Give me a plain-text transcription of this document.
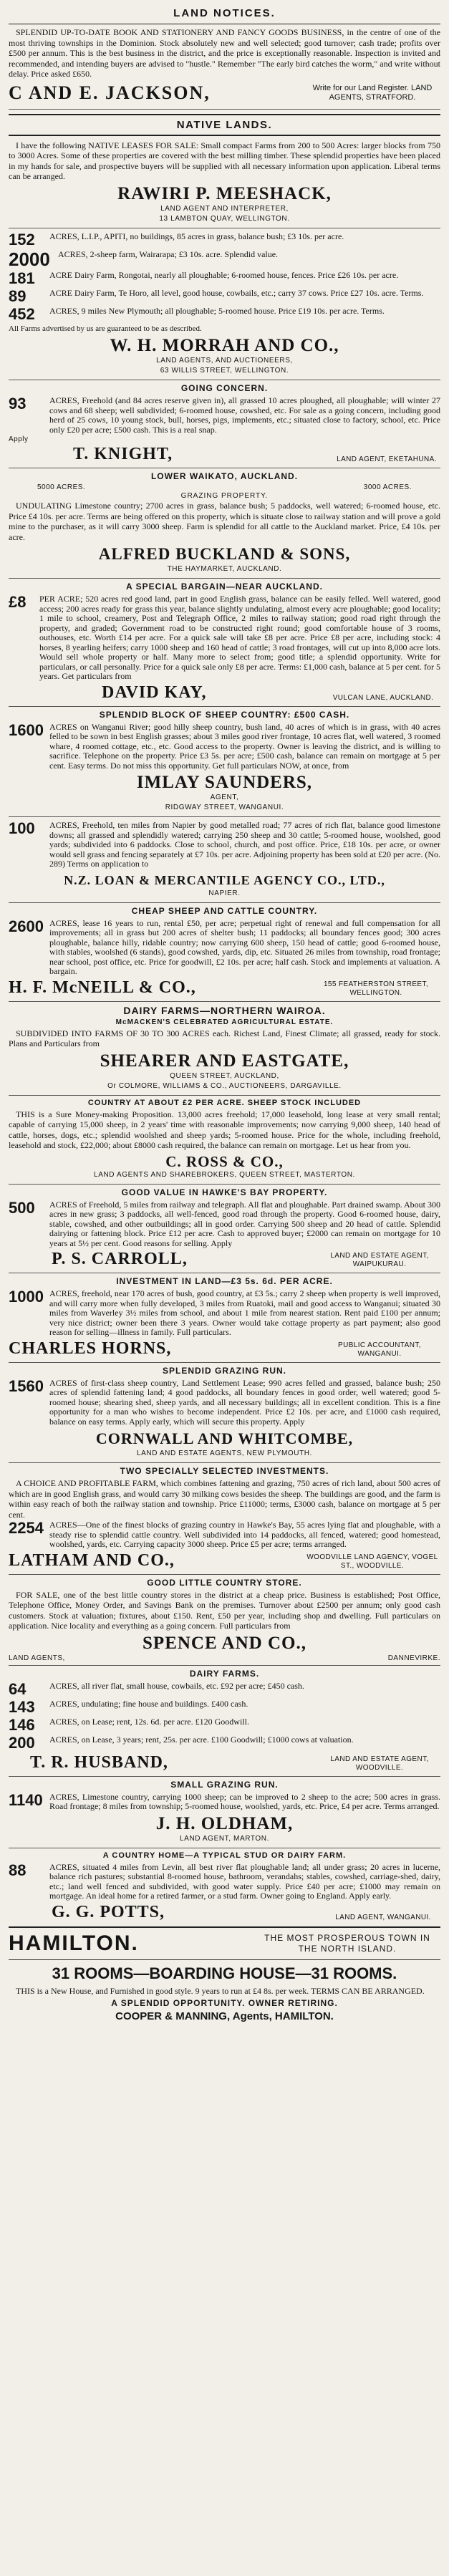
LAND NOTICES.

SPLENDID UP-TO-DATE BOOK AND STATIONERY AND FANCY GOODS BUSINESS, in the centre of one of the most thriving townships in the Dominion. Stock absolutely new and well selected; good turnover; cash trade; profits over £500 per annum. This is the best business in the district, and the price is exceptionally reasonable. Inspection is invited and recommended, and intending buyers are advised to "hustle." Remember "The early bird catches the worm," and write without delay. Price asked £650.

C AND E. JACKSON,	Write for our Land Register. LAND AGENTS, STRATFORD.
NATIVE LANDS.

I have the following NATIVE LEASES FOR SALE: Small compact Farms from 200 to 500 Acres: larger blocks from 750 to 3000 Acres. Some of these properties are covered with the best milling timber. These splendid properties have been placed in my hands for sale, and prospective buyers will be supplied with all necessary information upon application. Liberal terms can be arranged.

RAWIRI P. MEESHACK,
LAND AGENT AND INTERPRETER,
13 LAMBTON QUAY, WELLINGTON.
152	ACRES, L.I.P., APITI, no buildings, 85 acres in grass, balance bush; £3 10s. per acre.
2000 ACRES, 2-sheep farm, Wairarapa; £3 10s. acre. Splendid value.
181	ACRE Dairy Farm, Rongotai, nearly all ploughable; 6-roomed house, fences. Price £26 10s. per acre.
89	ACRE Dairy Farm, Te Horo, all level, good house, cowbails, etc.; carry 37 cows. Price £27 10s. acre. Terms.
452	ACRES, 9 miles New Plymouth; all ploughable; 5-roomed house. Price £19 10s. per acre. Terms.

All Farms advertised by us are guaranteed to be as described.

W. H. MORRAH AND CO.,
LAND AGENTS, AND AUCTIONEERS,
63 WILLIS STREET, WELLINGTON.
GOING CONCERN.
93	ACRES, Freehold (and 84 acres reserve given in), all grassed 10 acres ploughed, all ploughable; will winter 27 cows and 68 sheep; well subdivided; 6-roomed house, cowshed, etc. For sale as a going concern, including good herd of 25 cows, 10 young stock, bull, horses, pigs, implements, etc.; situated close to factory, school, etc. Price only £20 per acre; £500 cash. This is a real snap.
Apply
T. KNIGHT,	LAND AGENT, EKETAHUNA.
LOWER WAIKATO, AUCKLAND.
5000 ACRES.	3000 ACRES.
GRAZING PROPERTY.

UNDULATING Limestone country; 2700 acres in grass, balance bush; 5 paddocks, well watered; 6-roomed house, etc. Price £4 10s. per acre. Terms are being offered on this property, which is situate close to railway station and will prove a gold mine to the purchaser, as it will carry 3000 sheep. Farm is splendid for all cattle to the Auckland market. Price, £4 10s. per acre.

ALFRED BUCKLAND & SONS,
THE HAYMARKET, AUCKLAND.
A SPECIAL BARGAIN—NEAR AUCKLAND.
£8	PER ACRE; 520 acres red good land, part in good English grass, balance can be easily felled. Well watered, good access; 200 acres ready for grass this year, balance slightly undulating, almost every acre ploughable; good locality; 1 mile to school, creamery, Post and Telegraph Office, 2 miles to railway station; good road right through the property, and graded; Government road to be constructed right round; good comfortable house of 3 rooms, outhouses, etc. Worth £14 per acre. For a quick sale will take £8 per acre. Price £8 per acre, including stock: 4 horses, 8 yearling heifers; carry 1000 sheep and 160 head of cattle; 3 road frontages, will cut up into 8,000 acre lots. Would sell whole property or half. Many more to select from; good title; a splendid opportunity. Write for particulars, or call personally. Price for a quick sale only £8 per acre. Terms: £1,000 cash, balance at 5 per cent. for 5 years. Get particulars from
DAVID KAY,	VULCAN LANE, AUCKLAND.
SPLENDID BLOCK OF SHEEP COUNTRY: £500 CASH.
1600 ACRES on Wanganui River; good hilly sheep country, bush land, 40 acres of which is in grass, with 40 acres felled to be sown in best English grasses; about 3 miles good river frontage, 10 acres flat, well watered, 3 roomed whare, 4 roomed cottage, etc., etc. Good access to the property. Owner is leaving the district, and is willing to sacrifice. Telephone on the property. Price £3 5s. per acre; £500 cash, balance can remain on mortgage at 5 per cent. Easy terms. Do not miss this opportunity. Get full particulars NOW, at once, from
IMLAY SAUNDERS,
AGENT,
RIDGWAY STREET, WANGANUI.
100	ACRES, Freehold, ten miles from Napier by good metalled road; 77 acres of rich flat, balance good limestone downs; all grassed and splendidly watered; carrying 250 sheep and 30 cattle; 5-roomed house, woolshed, good yards; subdivided into 6 paddocks. Close to school, church, and post office. Price, £18 10s. per acre, or owner would sell grass and fencing separately at £7 10s. per acre. Adjoining property has been sold at £20 per acre. (No. 289) Terms on application to
N.Z. LOAN & MERCANTILE AGENCY CO., LTD.,
NAPIER.
CHEAP SHEEP AND CATTLE COUNTRY.
2600 ACRES, lease 16 years to run, rental £50, per acre; perpetual right of renewal and full compensation for all improvements; all in grass but 200 acres of shelter bush; 11 paddocks; all boundary fences good; 300 acres ploughable, balance hilly, ridable country; now carrying 600 sheep, 150 head of cattle; good 6-roomed house, with stables, woolshed (6 stands), good cowshed, yards, dip, etc. Situated 26 miles from township, road frontage; near school, post office, etc. Price for goodwill, £2 10s. per acre; half cash. Stock and implements at valuation. A bargain.
H. F. McNEILL & CO.,	155 FEATHERSTON STREET, WELLINGTON.
DAIRY FARMS—NORTHERN WAIROA.
McMACKEN'S CELEBRATED AGRICULTURAL ESTATE.

SUBDIVIDED INTO FARMS OF 30 TO 300 ACRES each. Richest Land, Finest Climate; all grassed, ready for stock. Plans and Particulars from

SHEARER AND EASTGATE,
QUEEN STREET, AUCKLAND,
Or COLMORE, WILLIAMS & CO., AUCTIONEERS, DARGAVILLE.
COUNTRY AT ABOUT £2 PER ACRE. SHEEP STOCK INCLUDED

THIS is a Sure Money-making Proposition. 13,000 acres freehold; 17,000 leasehold, long lease at very small rental; capable of carrying 15,000 sheep, in 2 years' time with reasonable improvements; now carrying 9,000 sheep, 140 head of cattle, horses, dogs, etc.; splendid woolshed and sheep yards; 5-roomed house. Price for the whole, including freehold, leasehold and stock, £22,000; about £8000 cash required, the balance can remain on mortgage. Let us hear from you.

C. ROSS & CO.,
LAND AGENTS AND SHAREBROKERS, QUEEN STREET, MASTERTON.
GOOD VALUE IN HAWKE'S BAY PROPERTY.
500	ACRES of Freehold, 5 miles from railway and telegraph. All flat and ploughable. Part drained swamp. About 300 acres in new grass; 3 paddocks, all well-fenced, good road through the property. Good 6-roomed house, dairy, stable, cowshed, and other outbuildings; all in good order. Carrying 500 sheep and 20 head of cattle. Splendid dairying or fattening block. Price £12 per acre. Cash to approved buyer; £2000 can remain on mortgage for 10 years at 5½ per cent. Good reasons for selling. Apply
P. S. CARROLL,	LAND AND ESTATE AGENT, WAIPUKURAU.
INVESTMENT IN LAND—£3 5s. 6d. PER ACRE.
1000 ACRES, freehold, near 170 acres of bush, good country, at £3 5s.; carry 2 sheep when property is well improved, and will carry more when fully developed, 3 miles from Ruatoki, mail and good access to Wanganui; situated 30 miles from Waverley 3½ miles from school, and about 1 mile from nearest station. Rent paid £100 per annum; very nice district; owner been there 3 years. Owner would take cottage property as part payment; also good reason for selling—illness in family. Full particulars.
CHARLES HORNS,	PUBLIC ACCOUNTANT, WANGANUI.
SPLENDID GRAZING RUN.
1560 ACRES of first-class sheep country, Land Settlement Lease; 990 acres felled and grassed, balance bush; 250 acres of splendid fattening land; 4 good paddocks, all boundary fences in good order, well watered; good 5-roomed house; shearing shed, sheep yards, and all necessary buildings; all in excellent condition. This is a fine opportunity for a man who wishes to become independent. Price £2 10s. per acre, and £1000 cash required, balance on easy terms. Apply early, which will secure this property. Apply
CORNWALL AND WHITCOMBE,
LAND AND ESTATE AGENTS, NEW PLYMOUTH.
TWO SPECIALLY SELECTED INVESTMENTS.

A CHOICE AND PROFITABLE FARM, which combines fattening and grazing, 750 acres of rich land, about 500 acres of which are in good English grass, and would carry 30 milking cows besides the sheep. The buildings are good, and the farm is within easy reach of both the railway station and township. Price £11000; terms, £3000 cash, balance on mortgage at 5 per cent.

2254 ACRES—One of the finest blocks of grazing country in Hawke's Bay, 55 acres lying flat and ploughable, with a steady rise to splendid cattle country. Well subdivided into 14 paddocks, all fenced, watered; good homestead, woolshed, yards, etc. Carrying capacity 3000 sheep. Price £5 per acre; terms arranged.
LATHAM AND CO.,	WOODVILLE LAND AGENCY, VOGEL ST., WOODVILLE.
GOOD LITTLE COUNTRY STORE.

FOR SALE, one of the best little country stores in the district at a cheap price. Business is established; Post Office, Telephone Office, Money Order, and Savings Bank on the premises. Turnover about £2500 per annum; only good cash customers. Stock at valuation; fixtures, about £150. Rent, £50 per year, including shop and dwelling. Full particulars on application. Nice locality and everything as a going concern. Full particulars from

SPENCE AND CO.,
LAND AGENTS,	DANNEVIRKE.
DAIRY FARMS.
64	ACRES, all river flat, small house, cowbails, etc. £92 per acre; £450 cash.
143	ACRES, undulating; fine house and buildings. £400 cash.
146	ACRES, on Lease; rent, 12s. 6d. per acre. £120 Goodwill.
200	ACRES, on Lease, 3 years; rent, 25s. per acre. £100 Goodwill; £1000 cows at valuation.
T. R. HUSBAND,	LAND AND ESTATE AGENT, WOODVILLE.
SMALL GRAZING RUN.
1140 ACRES, Limestone country, carrying 1000 sheep; can be improved to 2 sheep to the acre; 500 acres in grass. Road frontage; 8 miles from township; 5-roomed house, woolshed, yards, etc. Price, £4 per acre. Terms arranged.
J. H. OLDHAM,
LAND AGENT, MARTON.
A COUNTRY HOME—A TYPICAL STUD OR DAIRY FARM.
88	ACRES, situated 4 miles from Levin, all best river flat ploughable land; all under grass; 20 acres in lucerne, balance rich pastures; substantial 8-roomed house, bathroom, verandahs; stables, cowshed, carriage-shed, dairy, etc.; land well fenced and subdivided, with good water supply. Price £40 per acre; £1000 may remain on mortgage. An ideal home for a retired farmer, or a stud farm. Owner going to England. Apply early.
G. G. POTTS,	LAND AGENT, WANGANUI.
HAMILTON.	THE MOST PROSPEROUS TOWN IN THE NORTH ISLAND.
31 ROOMS—BOARDING HOUSE—31 ROOMS.

THIS is a New House, and Furnished in good style. 9 years to run at £4 8s. per week. TERMS CAN BE ARRANGED.

A SPLENDID OPPORTUNITY. OWNER RETIRING.
COOPER & MANNING, Agents, HAMILTON.
